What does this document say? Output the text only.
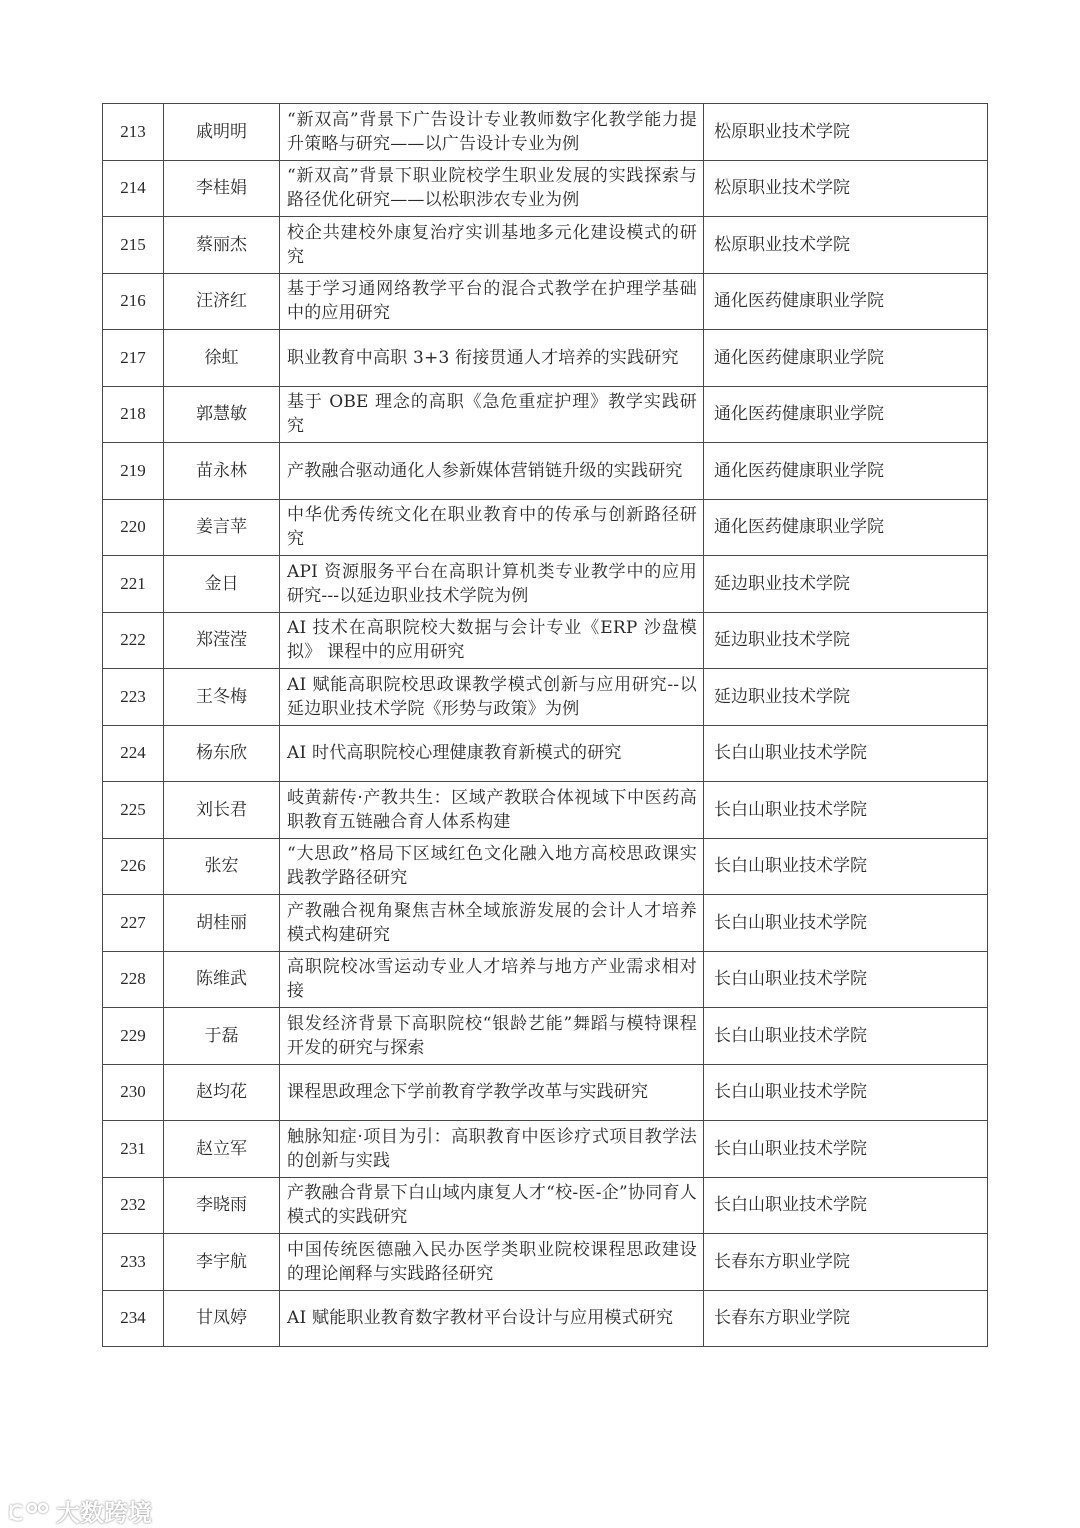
213	戚明明	“新双高”背景下广告设计专业教师数字化教学能力提升策略与研究——以广告设计专业为例	松原职业技术学院
214	李桂娟	“新双高”背景下职业院校学生职业发展的实践探索与路径优化研究——以松职涉农专业为例	松原职业技术学院
215	蔡丽杰	校企共建校外康复治疗实训基地多元化建设模式的研究	松原职业技术学院
216	汪济红	基于学习通网络教学平台的混合式教学在护理学基础中的应用研究	通化医药健康职业学院
217	徐虹	职业教育中高职 3+3 衔接贯通人才培养的实践研究	通化医药健康职业学院
218	郭慧敏	基于 OBE 理念的高职《急危重症护理》教学实践研究	通化医药健康职业学院
219	苗永林	产教融合驱动通化人参新媒体营销链升级的实践研究	通化医药健康职业学院
220	姜言苹	中华优秀传统文化在职业教育中的传承与创新路径研究	通化医药健康职业学院
221	金日	API 资源服务平台在高职计算机类专业教学中的应用研究---以延边职业技术学院为例	延边职业技术学院
222	郑滢滢	AI 技术在高职院校大数据与会计专业《ERP 沙盘模拟》 课程中的应用研究	延边职业技术学院
223	王冬梅	AI 赋能高职院校思政课教学模式创新与应用研究--以延边职业技术学院《形势与政策》为例	延边职业技术学院
224	杨东欣	AI 时代高职院校心理健康教育新模式的研究	长白山职业技术学院
225	刘长君	岐黄薪传·产教共生：区域产教联合体视域下中医药高职教育五链融合育人体系构建	长白山职业技术学院
226	张宏	“大思政”格局下区域红色文化融入地方高校思政课实践教学路径研究	长白山职业技术学院
227	胡桂丽	产教融合视角聚焦吉林全域旅游发展的会计人才培养模式构建研究	长白山职业技术学院
228	陈维武	高职院校冰雪运动专业人才培养与地方产业需求相对接	长白山职业技术学院
229	于磊	银发经济背景下高职院校“银龄艺能”舞蹈与模特课程开发的研究与探索	长白山职业技术学院
230	赵均花	课程思政理念下学前教育学教学改革与实践研究	长白山职业技术学院
231	赵立军	触脉知症·项目为引：高职教育中医诊疗式项目教学法的创新与实践	长白山职业技术学院
232	李晓雨	产教融合背景下白山域内康复人才“校-医-企”协同育人模式的实践研究	长白山职业技术学院
233	李宇航	中国传统医德融入民办医学类职业院校课程思政建设的理论阐释与实践路径研究	长春东方职业学院
234	甘凤婷	AI 赋能职业教育数字教材平台设计与应用模式研究	长春东方职业学院
大数跨境
